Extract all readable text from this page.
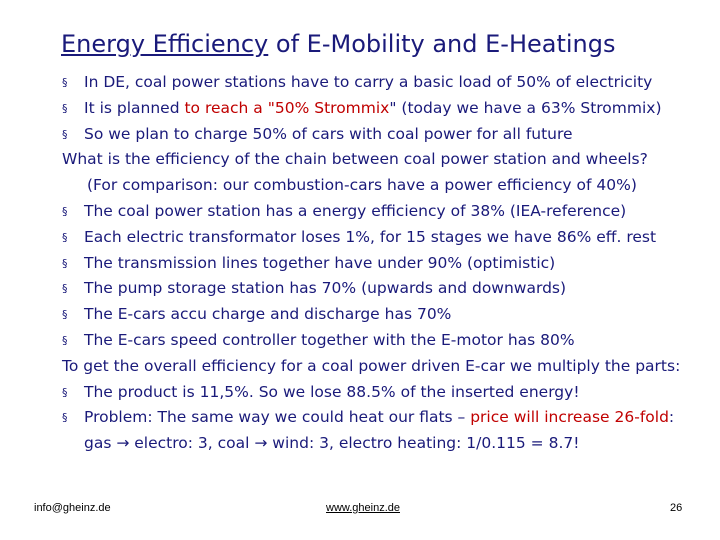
Energy Efficiency of E-Mobility and E-Heatings
§ In DE, coal power stations have to carry a basic load of 50% of electricity
§ It is planned to reach a "50% Strommix" (today we have a 63% Strommix)
§ So we plan to charge 50% of cars with coal power for all future
What is the efficiency of the chain between coal power station and wheels?
(For comparison: our combustion-cars have a power efficiency of 40%)
§ The coal power station has a energy efficiency of 38% (IEA-reference)
§ Each electric transformator loses 1%, for 15 stages we have 86% eff. rest
§ The transmission lines together have under 90% (optimistic)
§ The pump storage station has 70% (upwards and downwards)
§ The E-cars accu charge and discharge has 70%
§ The E-cars speed controller together with the E-motor has 80%
To get the overall efficiency for a coal power driven E-car we multiply the parts:
§ The product is 11,5%. So we lose 88.5% of the inserted energy!
§ Problem: The same way we could heat our flats – price will increase 26-fold:
gas → electro: 3, coal → wind: 3, electro heating: 1/0.115 = 8.7!
info@gheinz.de	www.gheinz.de	26
